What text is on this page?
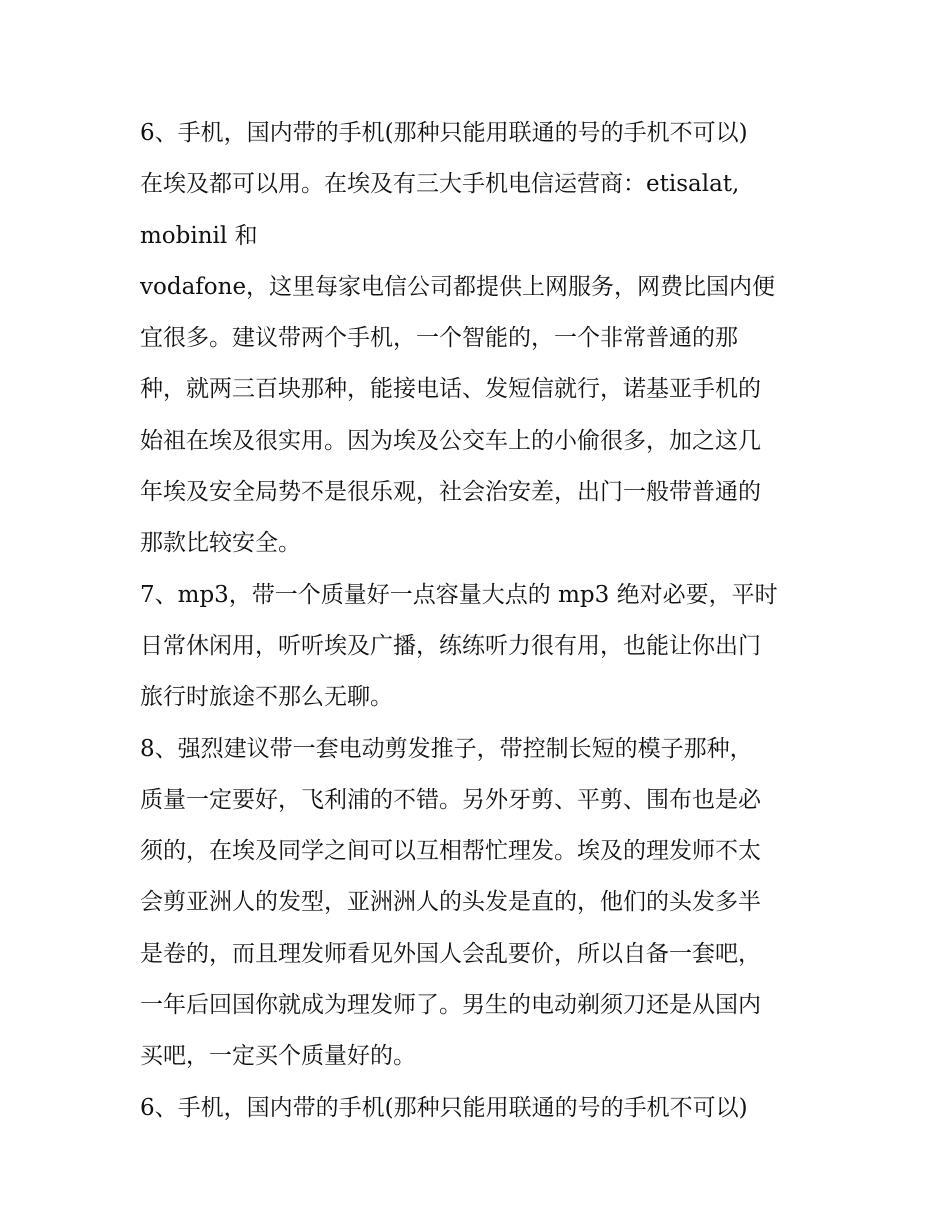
6、手机，国内带的手机(那种只能用联通的号的手机不可以)
在埃及都可以用。在埃及有三大手机电信运营商：etisalat,
mobinil 和
vodafone，这里每家电信公司都提供上网服务，网费比国内便
宜很多。建议带两个手机，一个智能的，一个非常普通的那
种，就两三百块那种，能接电话、发短信就行，诺基亚手机的
始祖在埃及很实用。因为埃及公交车上的小偷很多，加之这几
年埃及安全局势不是很乐观，社会治安差，出门一般带普通的
那款比较安全。
7、mp3，带一个质量好一点容量大点的 mp3 绝对必要，平时
日常休闲用，听听埃及广播，练练听力很有用，也能让你出门
旅行时旅途不那么无聊。
8、强烈建议带一套电动剪发推子，带控制长短的模子那种，
质量一定要好，飞利浦的不错。另外牙剪、平剪、围布也是必
须的，在埃及同学之间可以互相帮忙理发。埃及的理发师不太
会剪亚洲人的发型，亚洲洲人的头发是直的，他们的头发多半
是卷的，而且理发师看见外国人会乱要价，所以自备一套吧，
一年后回国你就成为理发师了。男生的电动剃须刀还是从国内
买吧，一定买个质量好的。
6、手机，国内带的手机(那种只能用联通的号的手机不可以)
